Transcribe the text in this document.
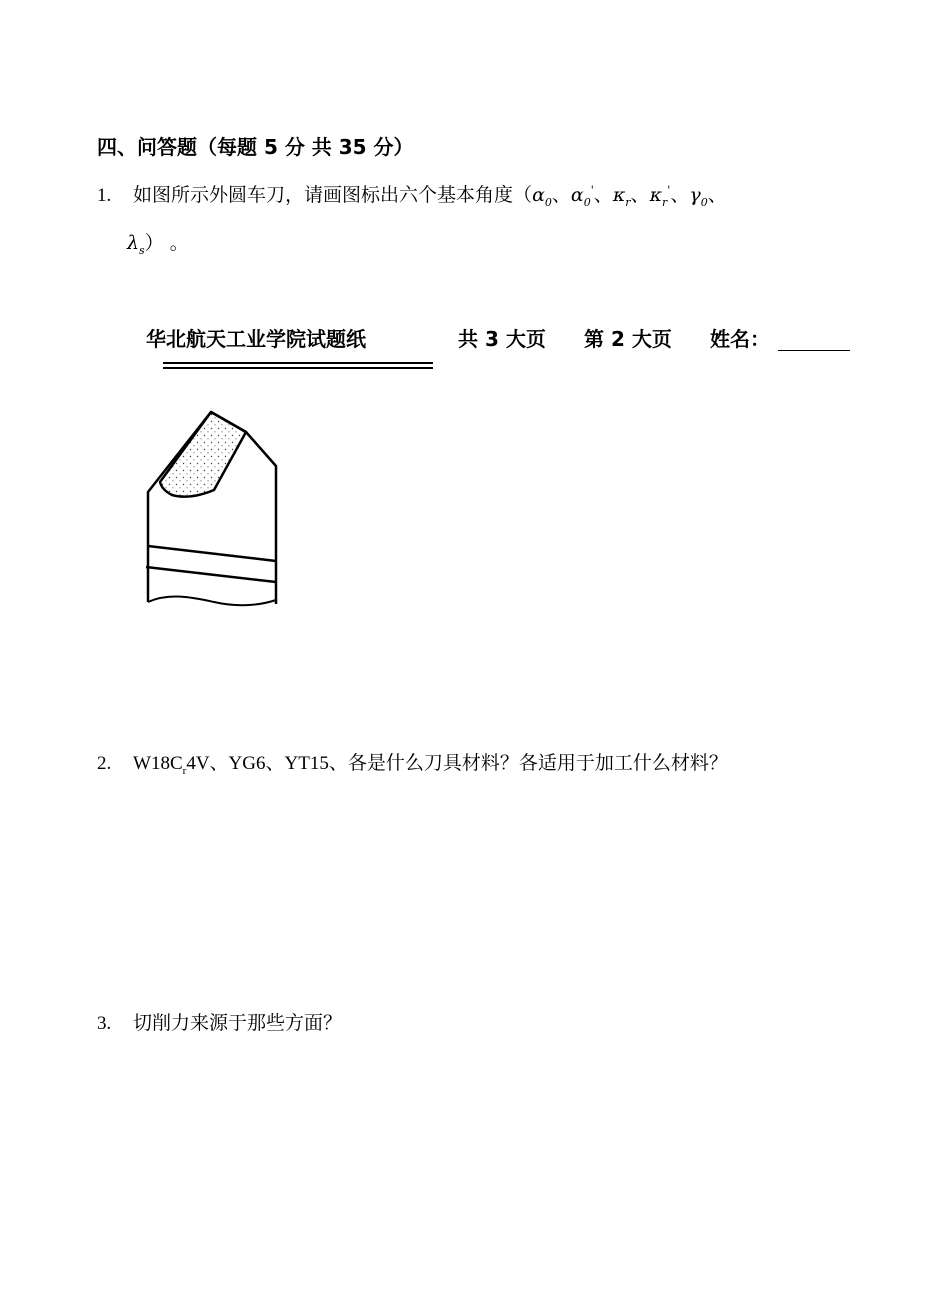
四、问答题（每题 5 分 共 35 分）
1. 如图所示外圆车刀，请画图标出六个基本角度（$\alpha_0$、$\alpha_0'$、$\kappa_r$、$\kappa_r'$、$\gamma_0$、
$\lambda_s$） 。
华北航天工业学院试题纸	共 3 大页 第 2 大页 姓名：
2. $W18C_r4V$、YG6、YT15、各是什么刀具材料？各适用于加工什么材料？
3. 切削力来源于那些方面？
